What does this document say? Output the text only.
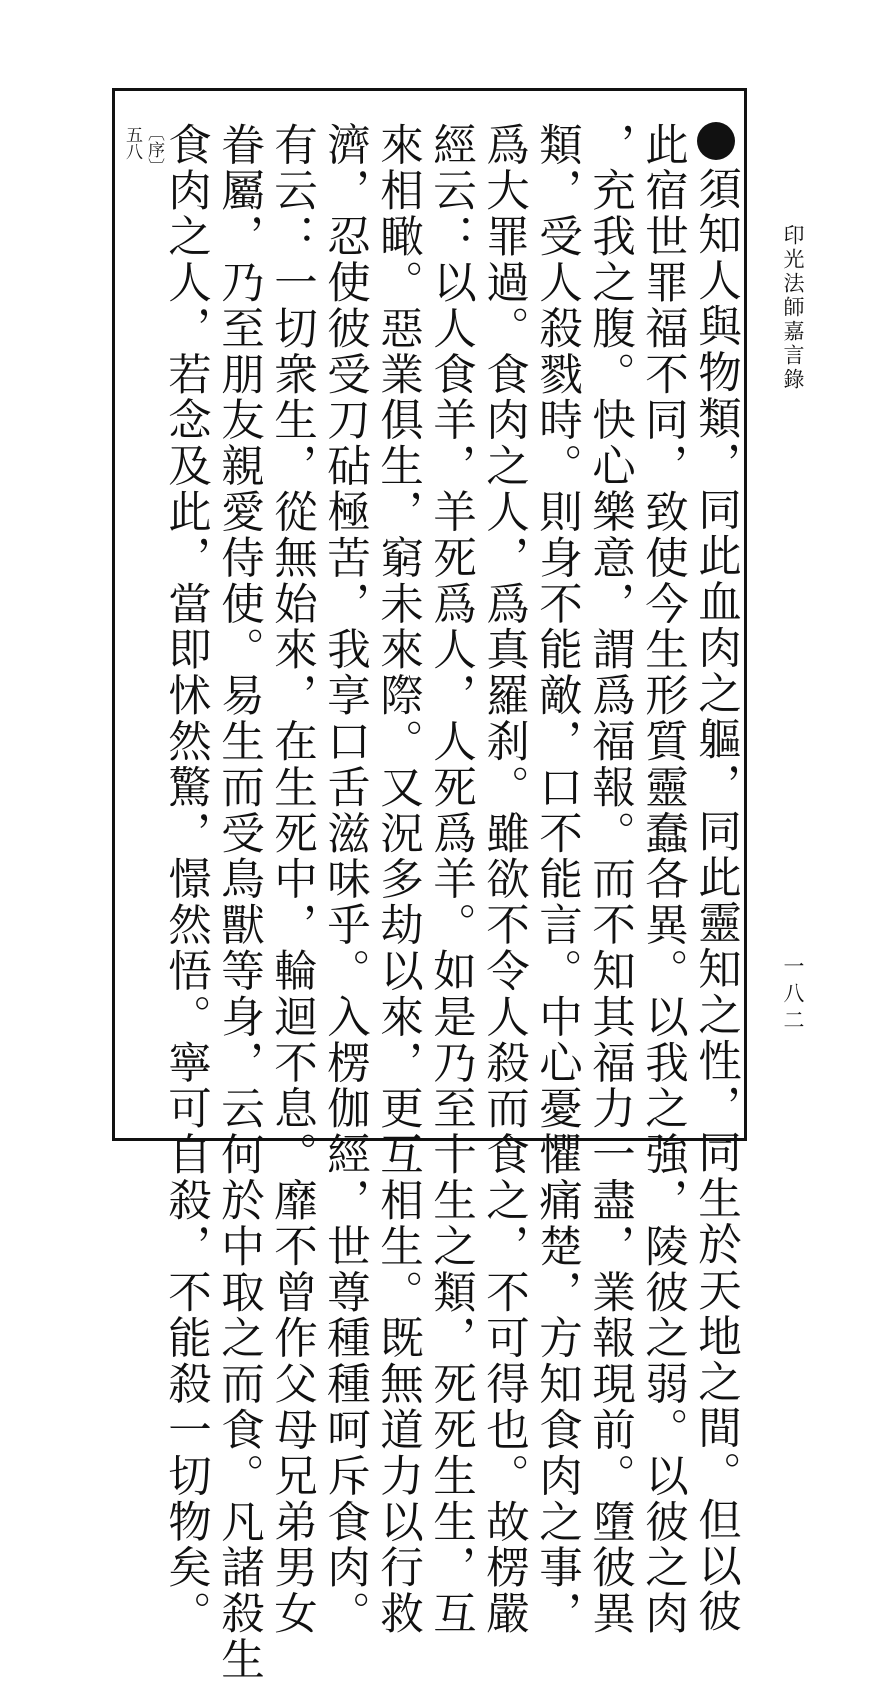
印光法師嘉言錄
一八二
〔序〕
五八
須知人與物類，同此血肉之軀，同此靈知之性，同生於天地之間。但以彼
此宿世罪福不同，致使今生形質靈蠢各異。以我之強，陵彼之弱。以彼之肉
，充我之腹。快心樂意，謂爲福報。而不知其福力一盡，業報現前。墮彼異
類，受人殺戮時。則身不能敵，口不能言。中心憂懼痛楚，方知食肉之事，
爲大罪過。食肉之人，爲真羅刹。雖欲不令人殺而食之，不可得也。故楞嚴
經云：以人食羊，羊死爲人，人死爲羊。如是乃至十生之類，死死生生，互
來相瞰。惡業俱生，窮未來際。又況多劫以來，更互相生。既無道力以行救
濟，忍使彼受刀砧極苦，我享口舌滋味乎。入楞伽經，世尊種種呵斥食肉。
有云：一切衆生，從無始來，在生死中，輪迴不息。靡不曾作父母兄弟男女
眷屬，乃至朋友親愛侍使。易生而受鳥獸等身，云何於中取之而食。凡諸殺生
食肉之人，若念及此，當即怵然驚，憬然悟。寧可自殺，不能殺一切物矣。
